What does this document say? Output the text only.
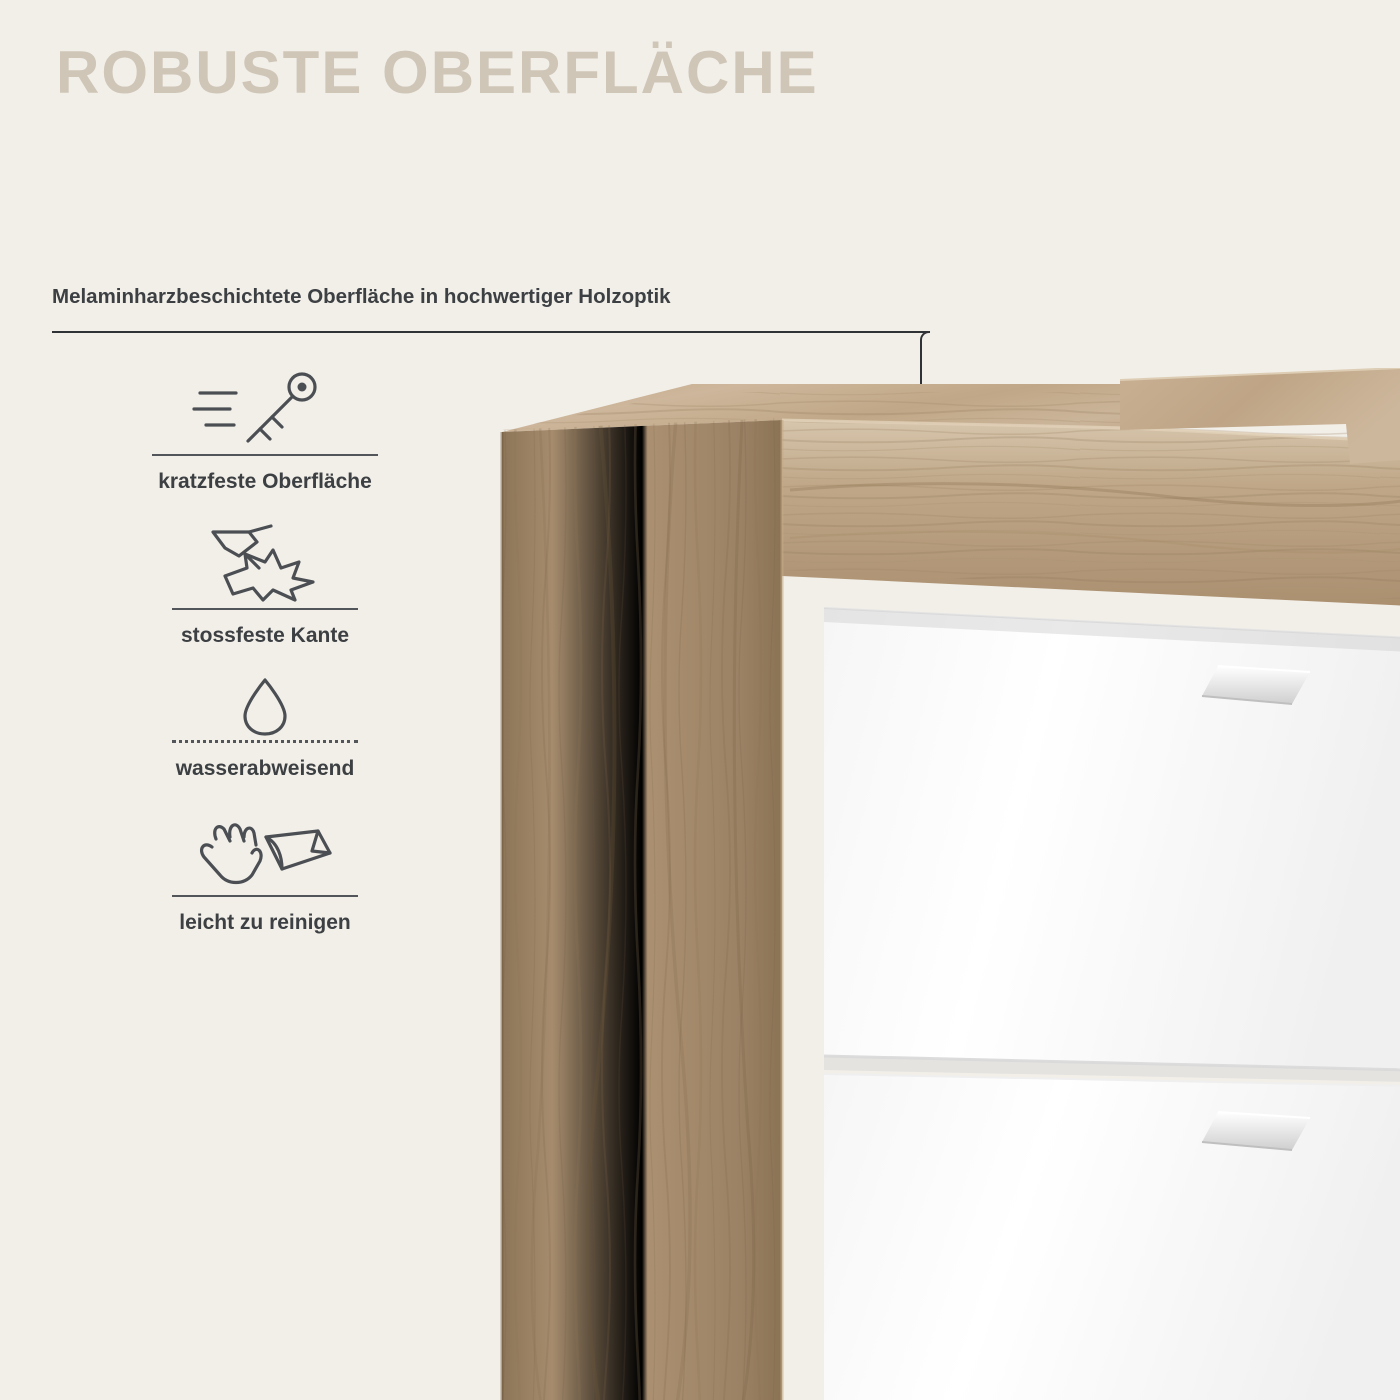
ROBUSTE OBERFLÄCHE
Melaminharzbeschichtete Oberfläche in hochwertiger Holzoptik
kratzfeste Oberfläche
stossfeste Kante
wasserabweisend
leicht zu reinigen
